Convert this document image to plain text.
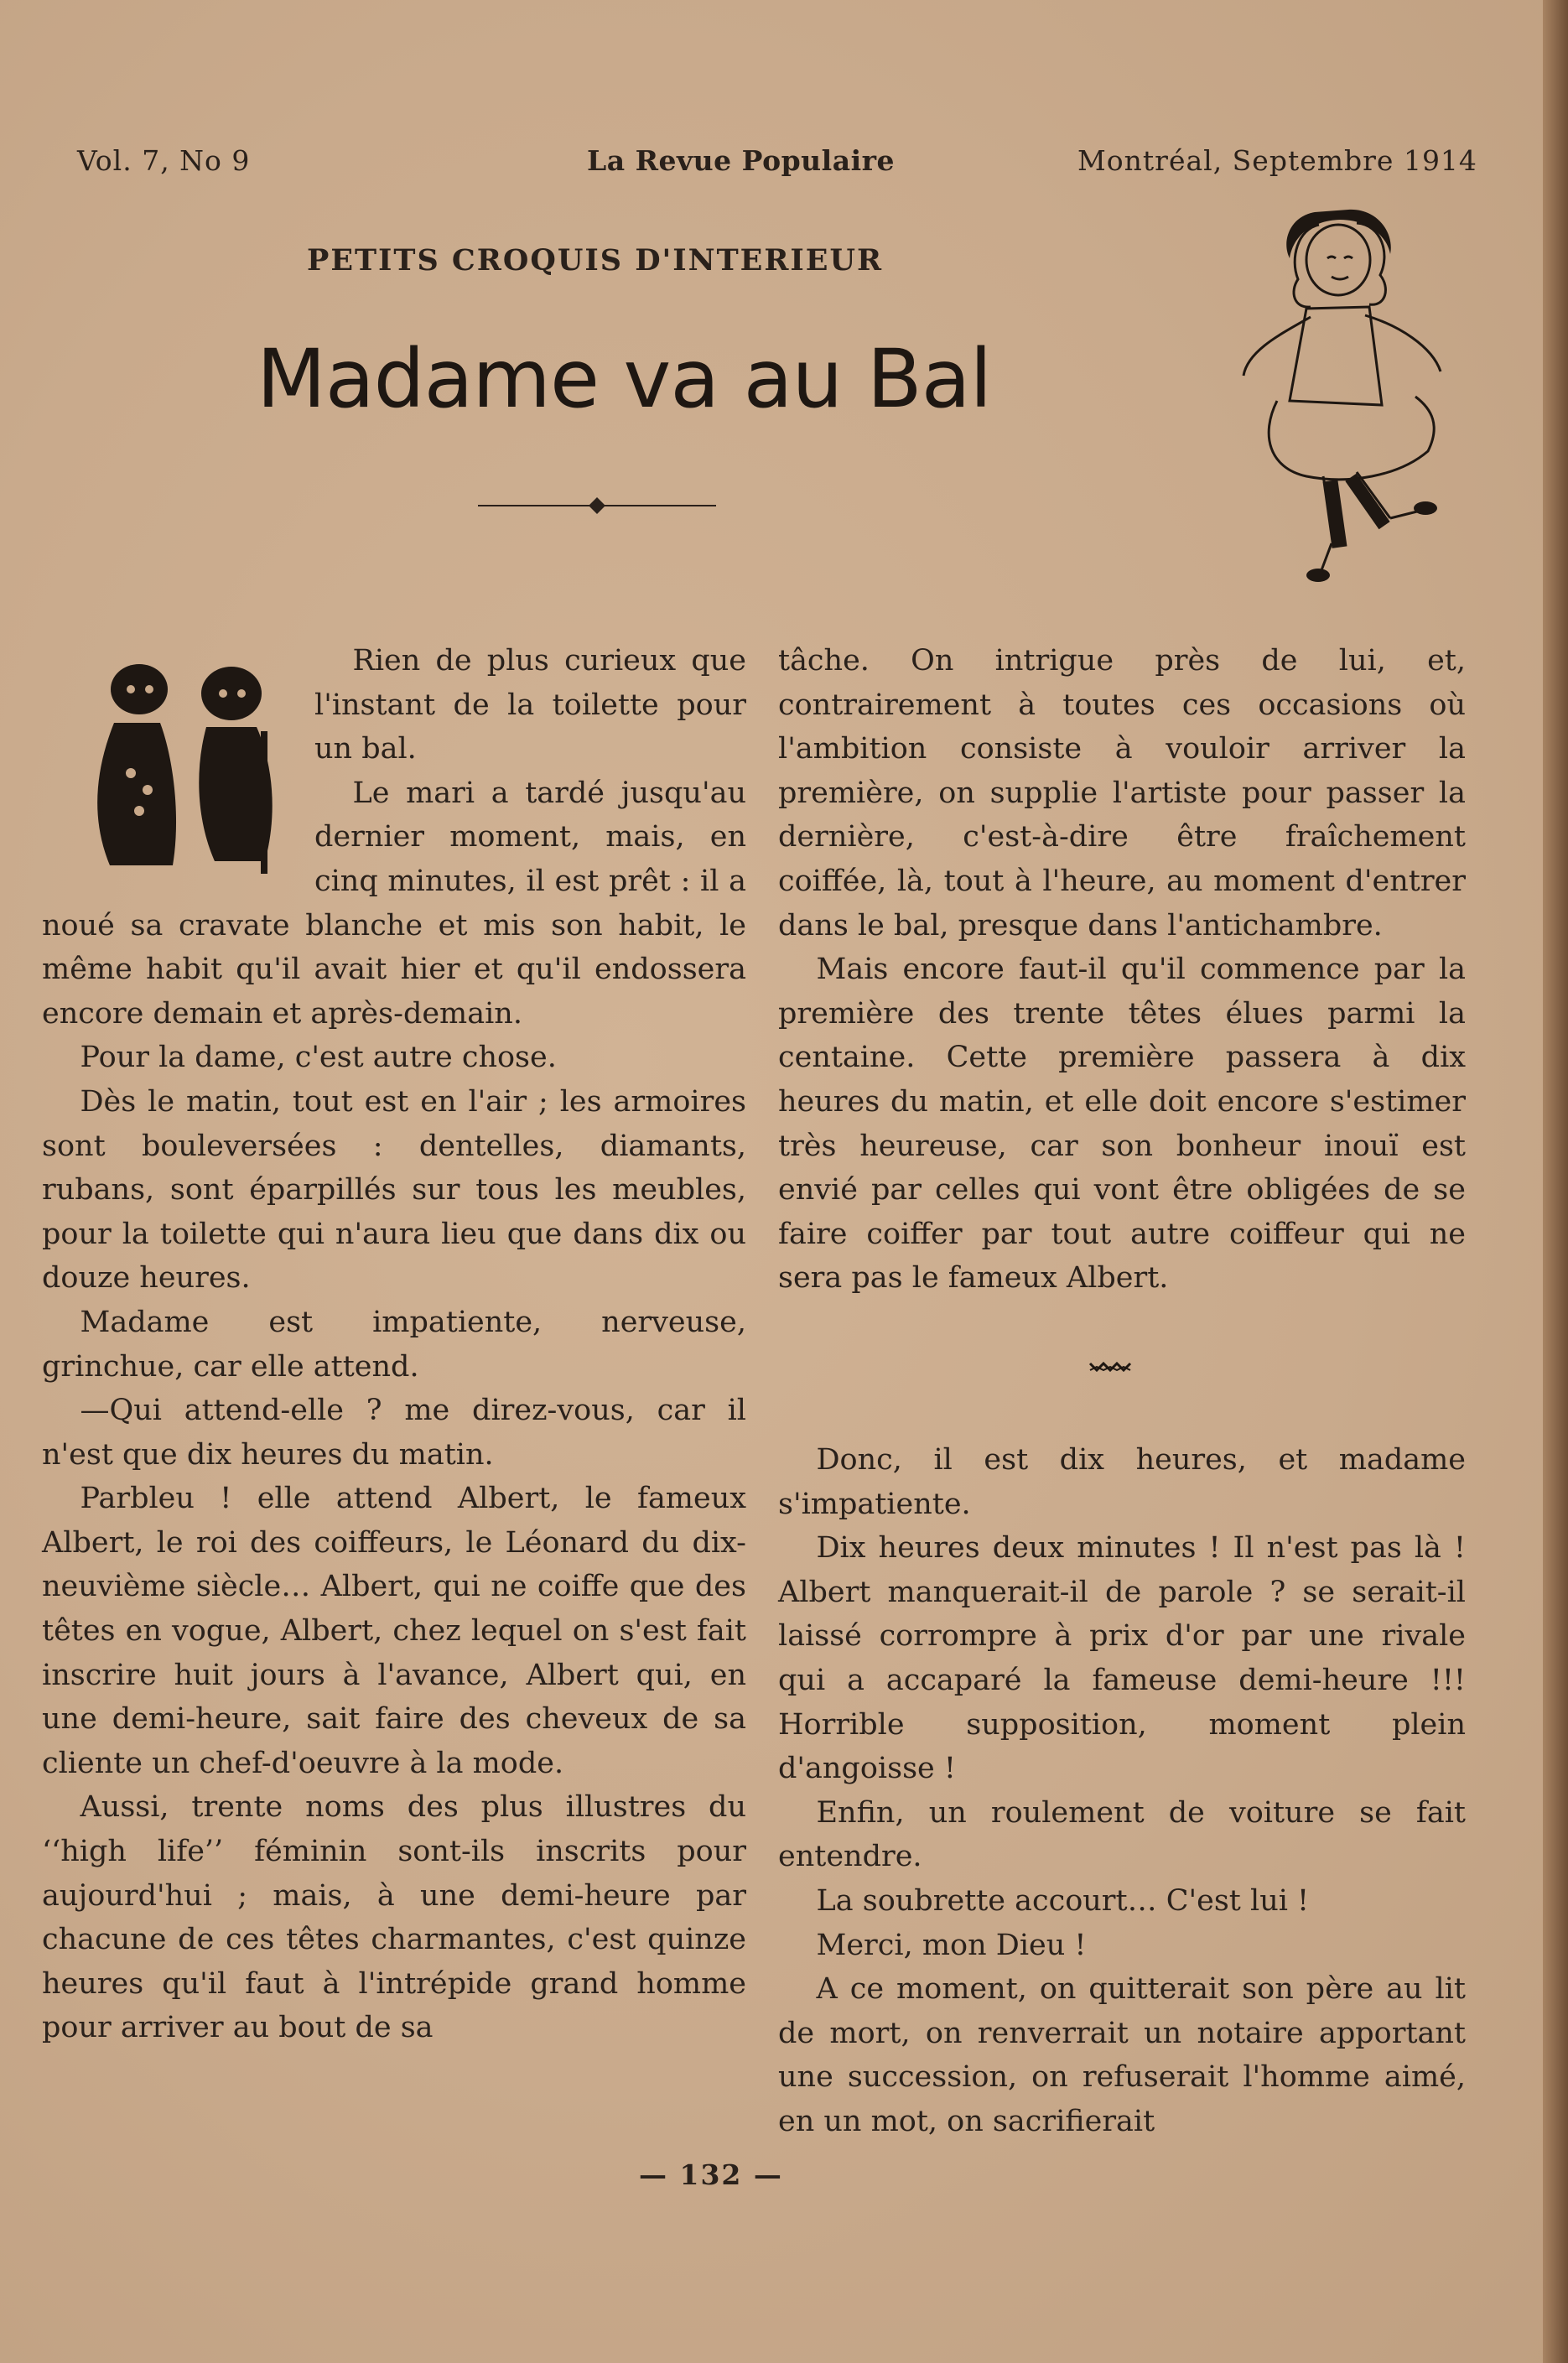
Vol. 7, No 9	La Revue Populaire	Montréal, Septembre 1914
PETITS CROQUIS D'INTERIEUR
Madame va au Bal

Rien de plus curieux que l'instant de la toilette pour un bal.

Le mari a tardé jusqu'au dernier moment, mais, en cinq minutes, il est prêt : il a noué sa cravate blanche et mis son habit, le même habit qu'il avait hier et qu'il endossera encore demain et après-demain.

Pour la dame, c'est autre chose.

Dès le matin, tout est en l'air ; les armoires sont bouleversées : dentelles, diamants, rubans, sont éparpillés sur tous les meubles, pour la toilette qui n'aura lieu que dans dix ou douze heures.

Madame est impatiente, nerveuse, grinchue, car elle attend.

—Qui attend-elle ? me direz-vous, car il n'est que dix heures du matin.

Parbleu ! elle attend Albert, le fameux Albert, le roi des coiffeurs, le Léonard du dix-neuvième siècle… Albert, qui ne coiffe que des têtes en vogue, Albert, chez lequel on s'est fait inscrire huit jours à l'avance, Albert qui, en une demi-heure, sait faire des cheveux de sa cliente un chef-d'oeuvre à la mode.

Aussi, trente noms des plus illustres du ‘‘high life’’ féminin sont-ils inscrits pour aujourd'hui ; mais, à une demi-heure par chacune de ces têtes charmantes, c'est quinze heures qu'il faut à l'intrépide grand homme pour arriver au bout de sa

tâche. On intrigue près de lui, et, contrairement à toutes ces occasions où l'ambition consiste à vouloir arriver la première, on supplie l'artiste pour passer la dernière, c'est-à-dire être fraîchement coiffée, là, tout à l'heure, au moment d'entrer dans le bal, presque dans l'antichambre.

Mais encore faut-il qu'il commence par la première des trente têtes élues parmi la centaine. Cette première passera à dix heures du matin, et elle doit encore s'estimer très heureuse, car son bonheur inouï est envié par celles qui vont être obligées de se faire coiffer par tout autre coiffeur qui ne sera pas le fameux Albert.

Donc, il est dix heures, et madame s'impatiente.

Dix heures deux minutes ! Il n'est pas là ! Albert manquerait-il de parole ? se serait-il laissé corrompre à prix d'or par une rivale qui a accaparé la fameuse demi-heure !!! Horrible supposition, moment plein d'angoisse !

Enfin, un roulement de voiture se fait entendre.

La soubrette accourt… C'est lui !

Merci, mon Dieu !

A ce moment, on quitterait son père au lit de mort, on renverrait un notaire apportant une succession, on refuserait l'homme aimé, en un mot, on sacrifierait

— 132 —
